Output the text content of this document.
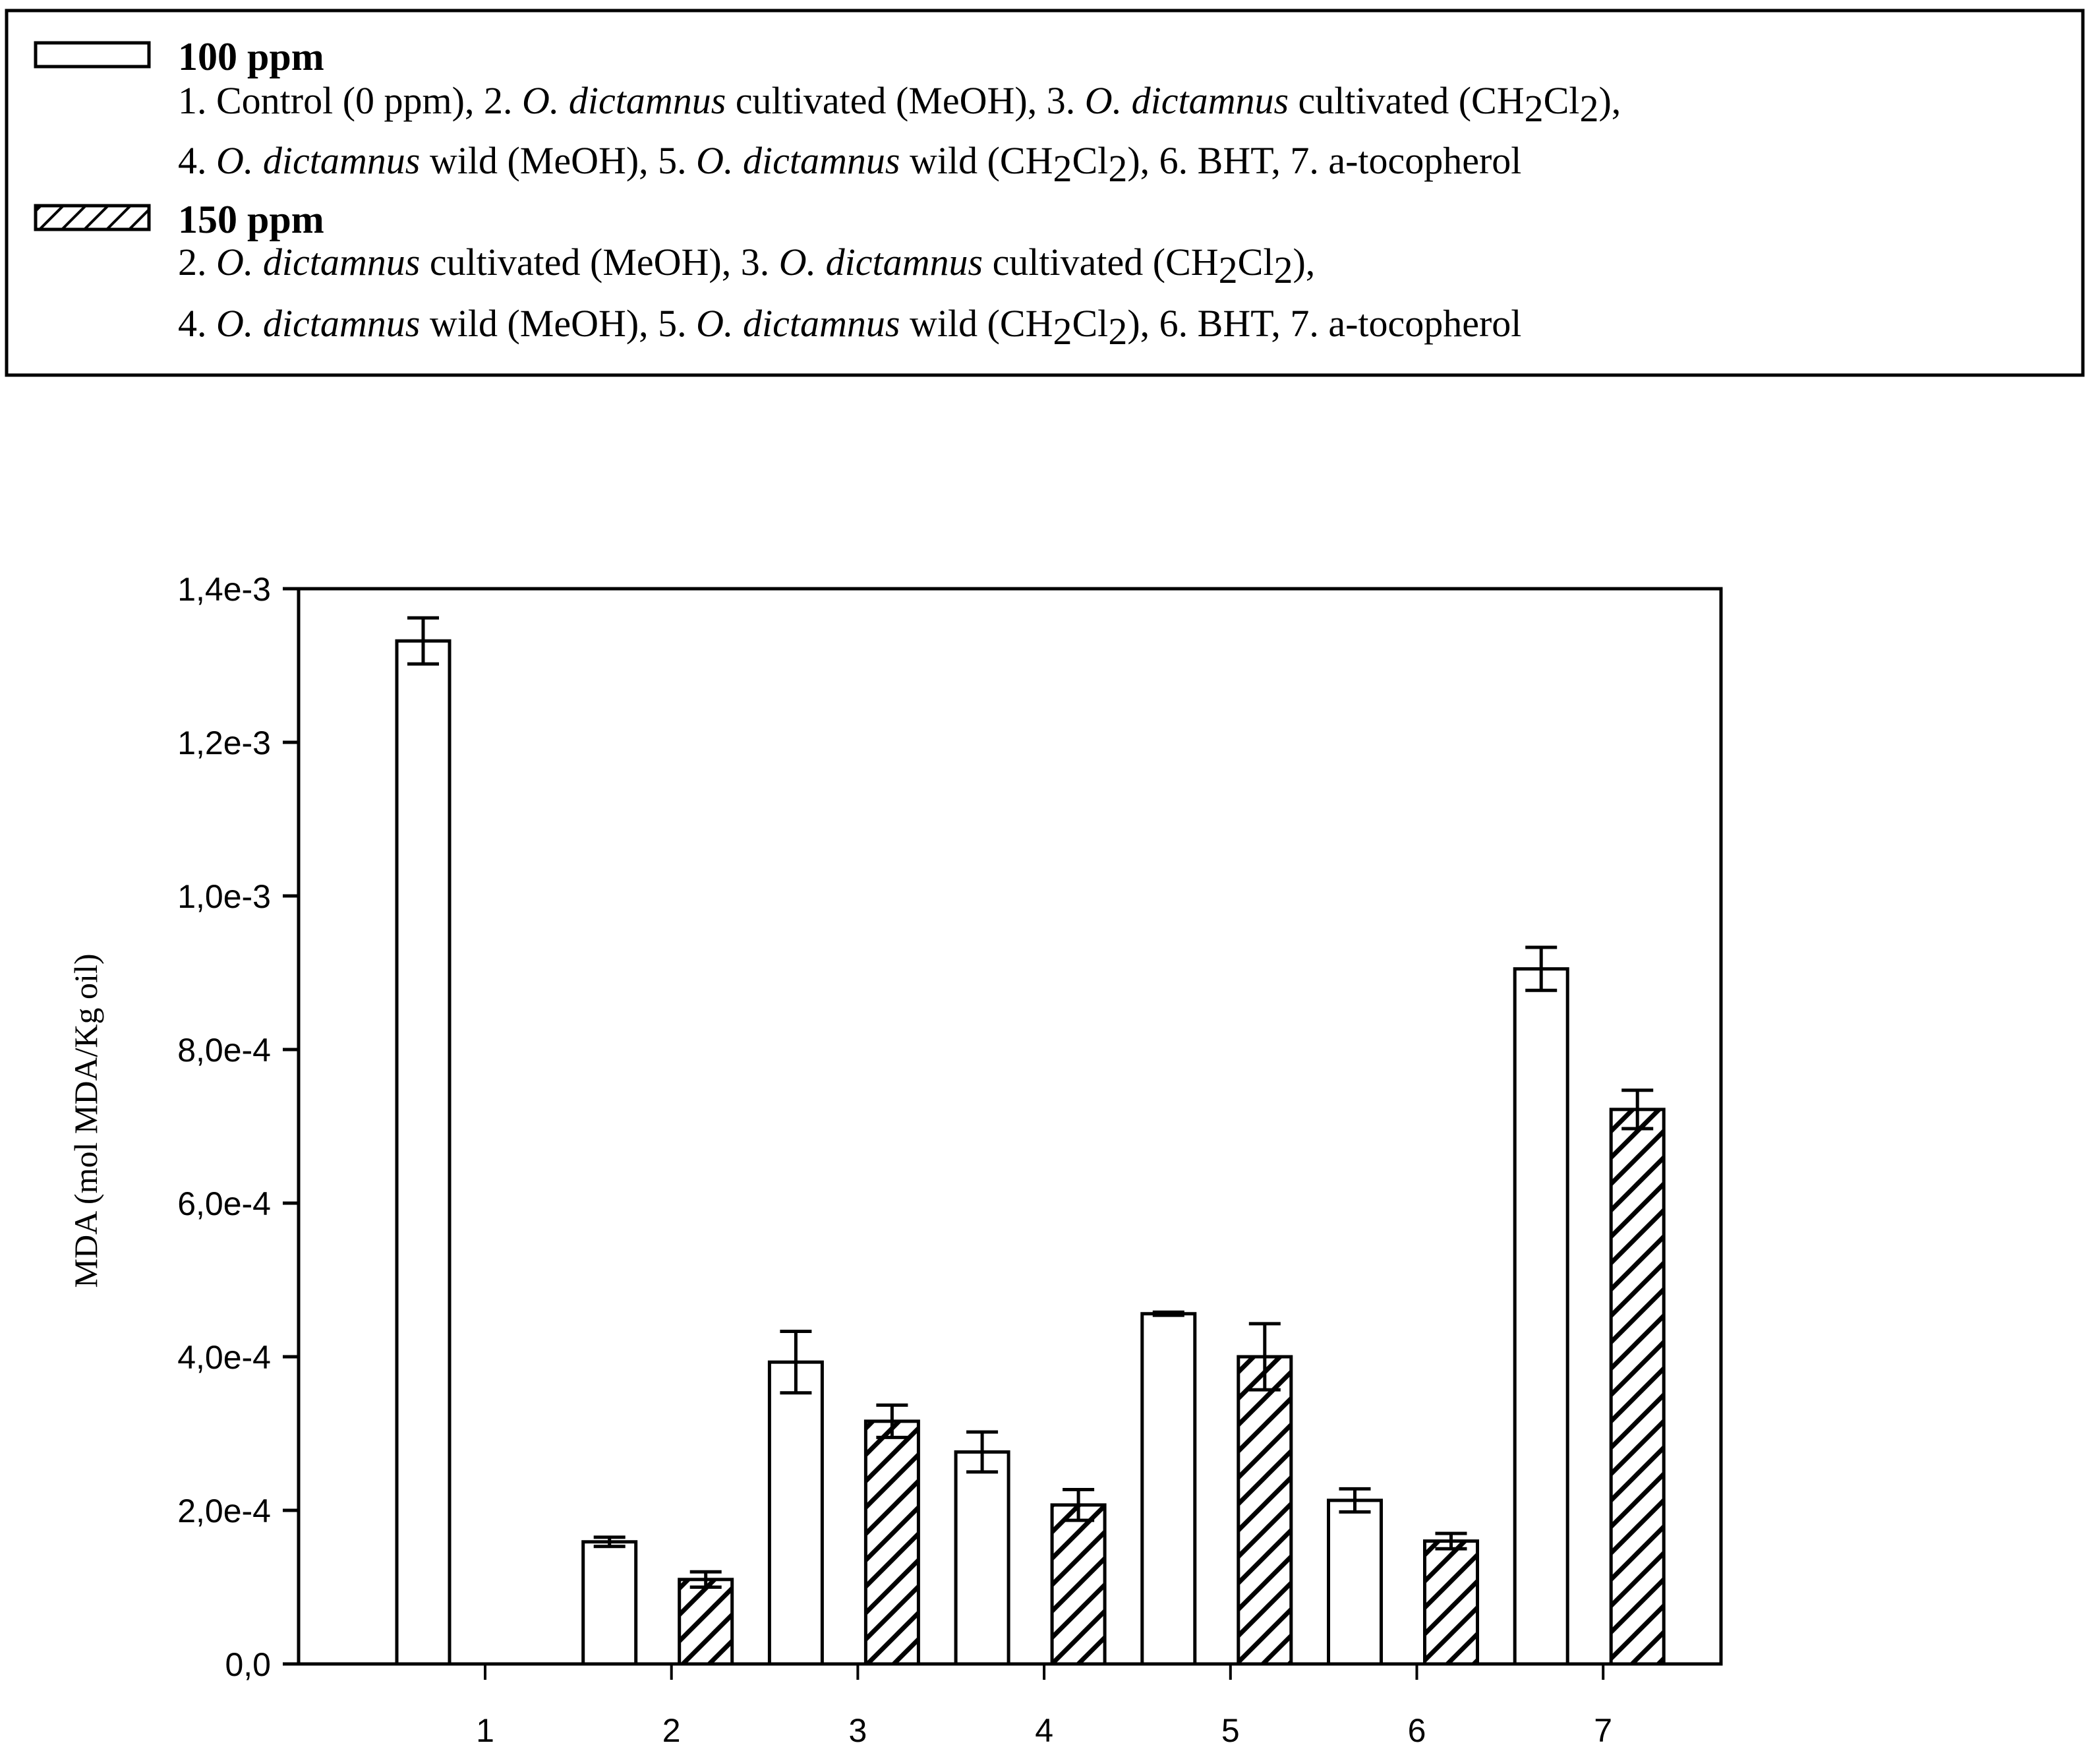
100 ppm
1. Control (0 ppm), 2. O. dictamnus cultivated (MeOH), 3. O. dictamnus cultivated (CH2Cl2),
4. O. dictamnus wild (MeOH), 5. O. dictamnus wild (CH2Cl2), 6. BHT, 7. a-tocopherol
150 ppm
2. O. dictamnus cultivated (MeOH), 3. O. dictamnus cultivated (CH2Cl2),
4. O. dictamnus wild (MeOH), 5. O. dictamnus wild (CH2Cl2), 6. BHT, 7. a-tocopherol
MDA (mol MDA/Kg oil)
0,0
2,0e-4
4,0e-4
6,0e-4
8,0e-4
1,0e-3
1,2e-3
1,4e-3
1	2	3	4	5	6	7
